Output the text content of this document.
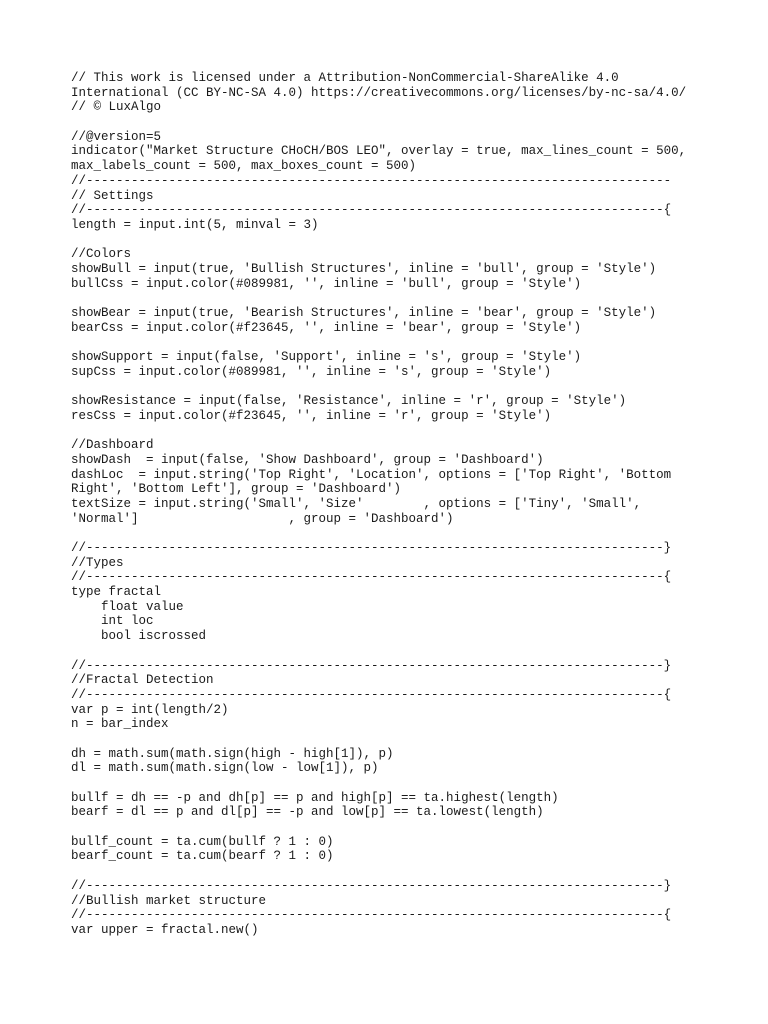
// This work is licensed under a Attribution-NonCommercial-ShareAlike 4.0
International (CC BY-NC-SA 4.0) https://creativecommons.org/licenses/by-nc-sa/4.0/
// © LuxAlgo
//@version=5
indicator("Market Structure CHoCH/BOS LEO", overlay = true, max_lines_count = 500,
max_labels_count = 500, max_boxes_count = 500)
//------------------------------------------------------------------------------
// Settings
//-----------------------------------------------------------------------------{
length = input.int(5, minval = 3)
//Colors
showBull = input(true, 'Bullish Structures', inline = 'bull', group = 'Style')
bullCss = input.color(#089981, '', inline = 'bull', group = 'Style')
showBear = input(true, 'Bearish Structures', inline = 'bear', group = 'Style')
bearCss = input.color(#f23645, '', inline = 'bear', group = 'Style')
showSupport = input(false, 'Support', inline = 's', group = 'Style')
supCss = input.color(#089981, '', inline = 's', group = 'Style')
showResistance = input(false, 'Resistance', inline = 'r', group = 'Style')
resCss = input.color(#f23645, '', inline = 'r', group = 'Style')
//Dashboard
showDash  = input(false, 'Show Dashboard', group = 'Dashboard')
dashLoc  = input.string('Top Right', 'Location', options = ['Top Right', 'Bottom
Right', 'Bottom Left'], group = 'Dashboard')
textSize = input.string('Small', 'Size'        , options = ['Tiny', 'Small',
'Normal']                    , group = 'Dashboard')
//-----------------------------------------------------------------------------}
//Types
//-----------------------------------------------------------------------------{
type fractal
float value
int loc
bool iscrossed
//-----------------------------------------------------------------------------}
//Fractal Detection
//-----------------------------------------------------------------------------{
var p = int(length/2)
n = bar_index
dh = math.sum(math.sign(high - high[1]), p)
dl = math.sum(math.sign(low - low[1]), p)
bullf = dh == -p and dh[p] == p and high[p] == ta.highest(length)
bearf = dl == p and dl[p] == -p and low[p] == ta.lowest(length)
bullf_count = ta.cum(bullf ? 1 : 0)
bearf_count = ta.cum(bearf ? 1 : 0)
//-----------------------------------------------------------------------------}
//Bullish market structure
//-----------------------------------------------------------------------------{
var upper = fractal.new()
